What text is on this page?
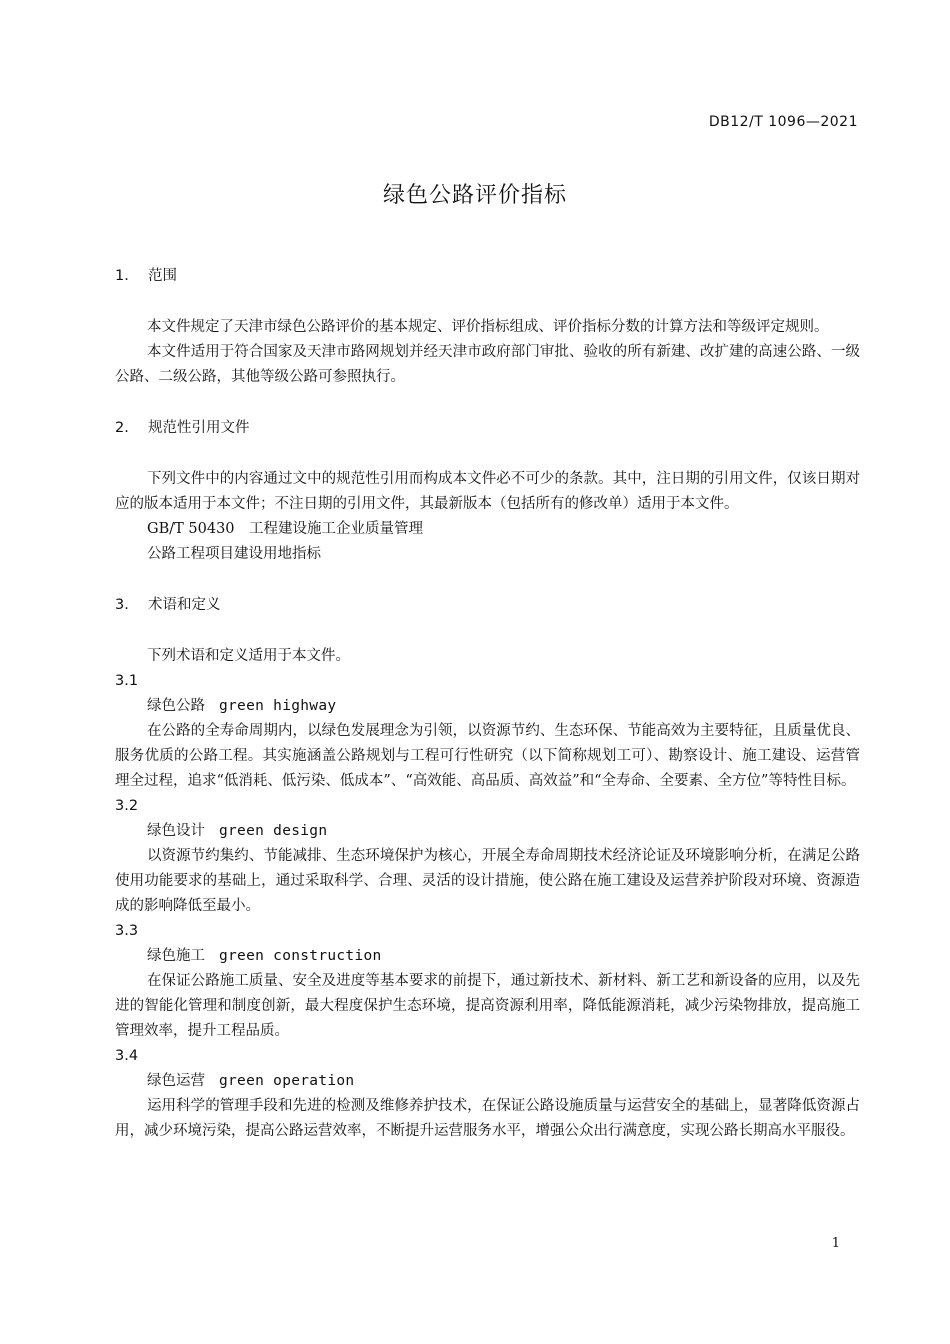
DB12/T 1096—2021
绿色公路评价指标

1. 范围

本文件规定了天津市绿色公路评价的基本规定、评价指标组成、评价指标分数的计算方法和等级评定规则。

本文件适用于符合国家及天津市路网规划并经天津市政府部门审批、验收的所有新建、改扩建的高速公路、一级公路、二级公路，其他等级公路可参照执行。

2. 规范性引用文件

下列文件中的内容通过文中的规范性引用而构成本文件必不可少的条款。其中，注日期的引用文件，仅该日期对应的版本适用于本文件；不注日期的引用文件，其最新版本（包括所有的修改单）适用于本文件。

GB/T 50430　工程建设施工企业质量管理

公路工程项目建设用地指标

3. 术语和定义

下列术语和定义适用于本文件。

3.1

绿色公路 green highway

在公路的全寿命周期内，以绿色发展理念为引领，以资源节约、生态环保、节能高效为主要特征，且质量优良、服务优质的公路工程。其实施涵盖公路规划与工程可行性研究（以下简称规划工可）、勘察设计、施工建设、运营管理全过程，追求“低消耗、低污染、低成本”、“高效能、高品质、高效益”和“全寿命、全要素、全方位”等特性目标。

3.2

绿色设计 green design

以资源节约集约、节能减排、生态环境保护为核心，开展全寿命周期技术经济论证及环境影响分析，在满足公路使用功能要求的基础上，通过采取科学、合理、灵活的设计措施，使公路在施工建设及运营养护阶段对环境、资源造成的影响降低至最小。

3.3

绿色施工 green construction

在保证公路施工质量、安全及进度等基本要求的前提下，通过新技术、新材料、新工艺和新设备的应用，以及先进的智能化管理和制度创新，最大程度保护生态环境，提高资源利用率，降低能源消耗，减少污染物排放，提高施工管理效率，提升工程品质。

3.4

绿色运营 green operation

运用科学的管理手段和先进的检测及维修养护技术，在保证公路设施质量与运营安全的基础上，显著降低资源占用，减少环境污染，提高公路运营效率，不断提升运营服务水平，增强公众出行满意度，实现公路长期高水平服役。

1
